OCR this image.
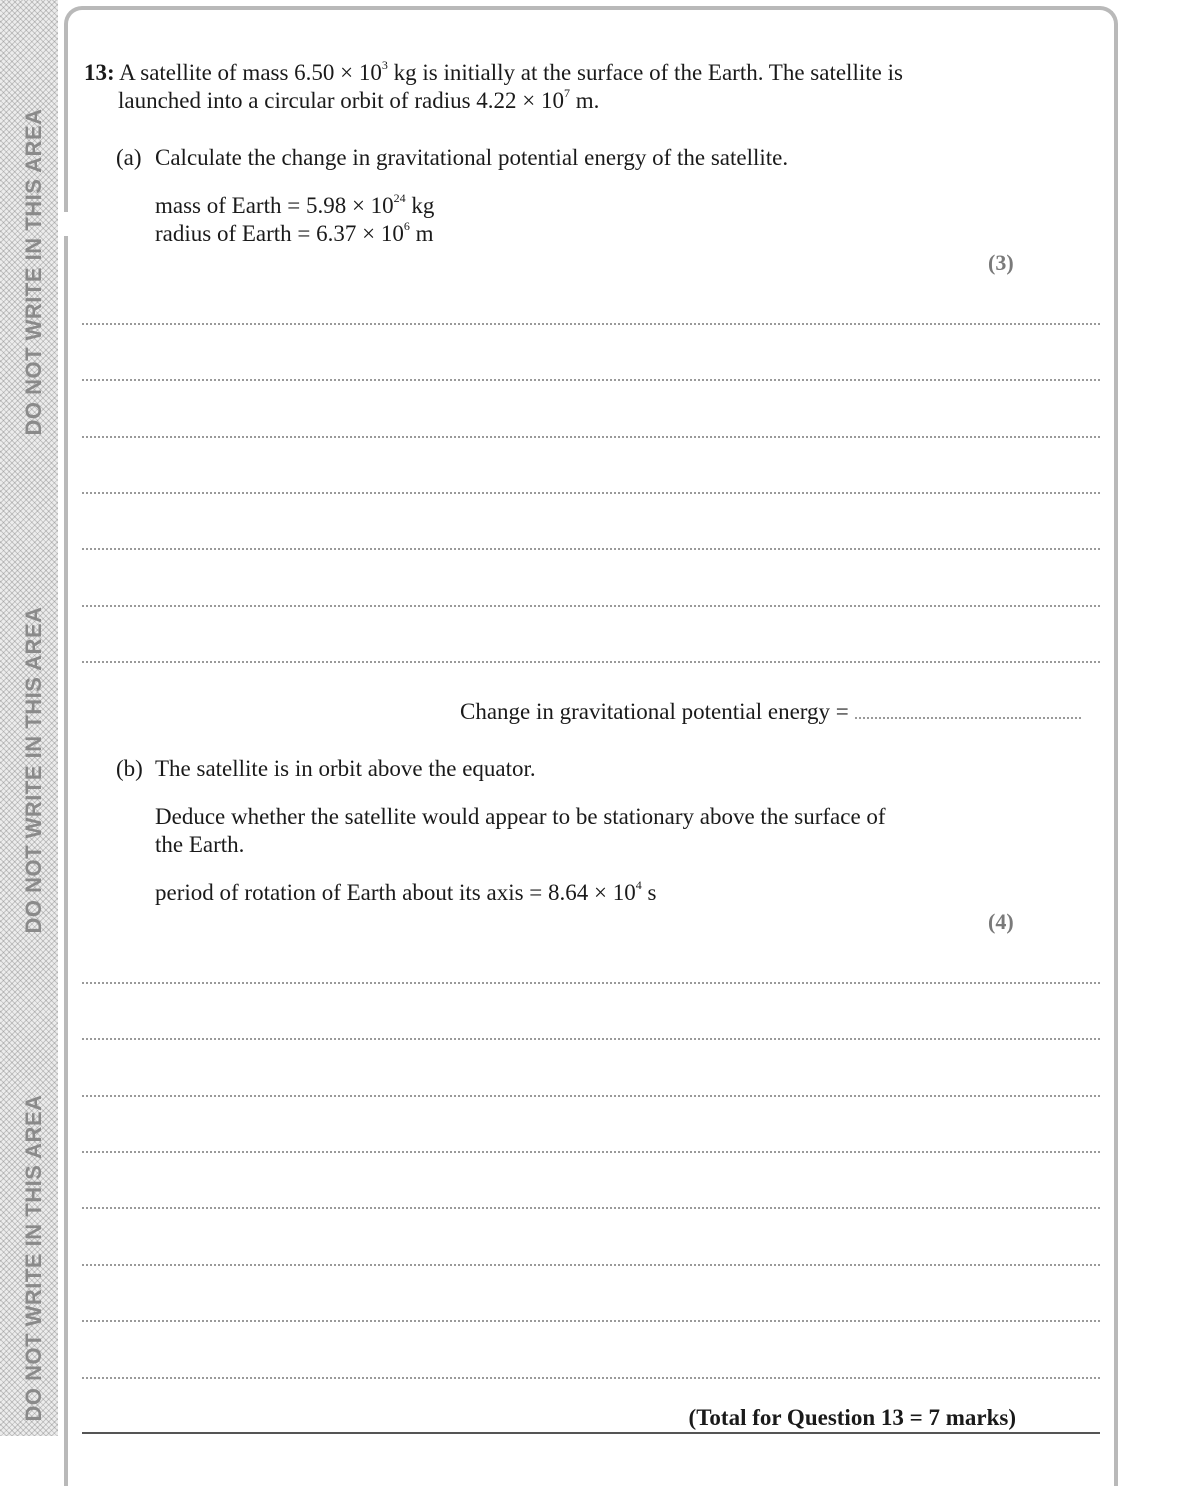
DO NOT WRITE IN THIS AREA
DO NOT WRITE IN THIS AREA
DO NOT WRITE IN THIS AREA
13: A satellite of mass $6.50 \times 10^3$ kg is initially at the surface of the Earth. The satellite is
launched into a circular orbit of radius $4.22 \times 10^7$ m.
(a) Calculate the change in gravitational potential energy of the satellite.
mass of Earth = $5.98 \times 10^{24}$ kg
radius of Earth = $6.37 \times 10^6$ m
(3)
Change in gravitational potential energy =
(b) The satellite is in orbit above the equator.
Deduce whether the satellite would appear to be stationary above the surface of
the Earth.
period of rotation of Earth about its axis = $8.64 \times 10^4$ s
(4)
(Total for Question 13 = 7 marks)
